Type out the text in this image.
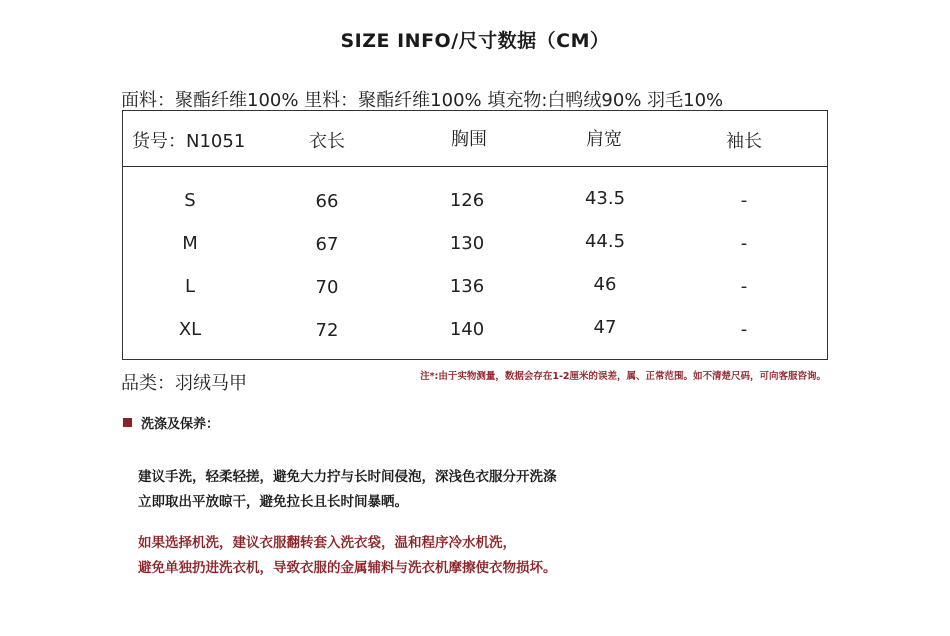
SIZE INFO/尺寸数据（CM）
面料：聚酯纤维100% 里料：聚酯纤维100% 填充物:白鸭绒90% 羽毛10%
货号：N1051	衣长	胸围	肩宽	袖长
S	66	126	43.5	-
M	67	130	44.5	-
L	70	136	46	-
XL	72	140	47	-
品类：羽绒马甲	注*:由于实物测量，数据会存在1-2厘米的误差，属、正常范围。如不清楚尺码，可向客服咨询。
洗涤及保养：
建议手洗，轻柔轻搓，避免大力拧与长时间侵泡，深浅色衣服分开洗涤
立即取出平放晾干，避免拉长且长时间暴晒。
如果选择机洗，建议衣服翻转套入洗衣袋，温和程序冷水机洗，
避免单独扔进洗衣机，导致衣服的金属辅料与洗衣机摩擦使衣物损坏。
